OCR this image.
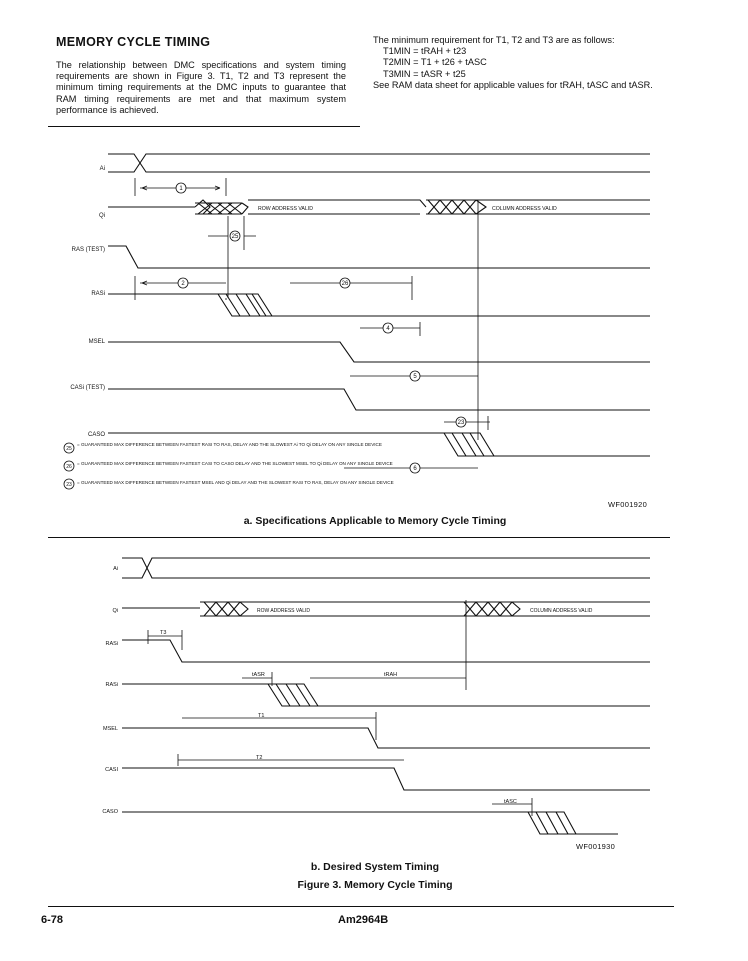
MEMORY CYCLE TIMING
The relationship between DMC specifications and system timing requirements are shown in Figure 3. T1, T2 and T3 represent the minimum timing requirements at the DMC inputs to guarantee that RAM timing requirements are met and that maximum system performance is achieved.
The minimum requirement for T1, T2 and T3 are as follows:
T1MIN = tRAH + t23
T2MIN = T1 + t26 + tASC
T3MIN = tASR + t25
See RAM data sheet for applicable values for tRAH, tASC and tASR.
Ai
Qi
RAS (TEST)
RASi
MSEL
CASi (TEST)
CASO
ROW ADDRESS VALID	COLUMN ADDRESS VALID
1
25
2	26
4
5
23
6
25
26
23
= GUARANTEED MAX DIFFERENCE BETWEEN FASTEST RASI TO RAS, DELAY AND THE SLOWEST Ai TO Qi DELAY ON ANY SINGLE DEVICE
= GUARANTEED MAX DIFFERENCE BETWEEN FASTEST CASI TO CASO DELAY AND THE SLOWEST MSEL TO Qi DELAY ON ANY SINGLE DEVICE
= GUARANTEED MAX DIFFERENCE BETWEEN FASTEST MSEL AND Qi DELAY AND THE SLOWEST RASI TO RAS, DELAY ON ANY SINGLE DEVICE
WF001920
a. Specifications Applicable to Memory Cycle Timing
Ai
Qi
RASi
RASi
MSEL
CASI
CASO
ROW ADDRESS VALID	COLUMN ADDRESS VALID
T3
tASR	tRAH
T1
T2
tASC
WF001930
b. Desired System Timing
Figure 3. Memory Cycle Timing
6-78	Am2964B
